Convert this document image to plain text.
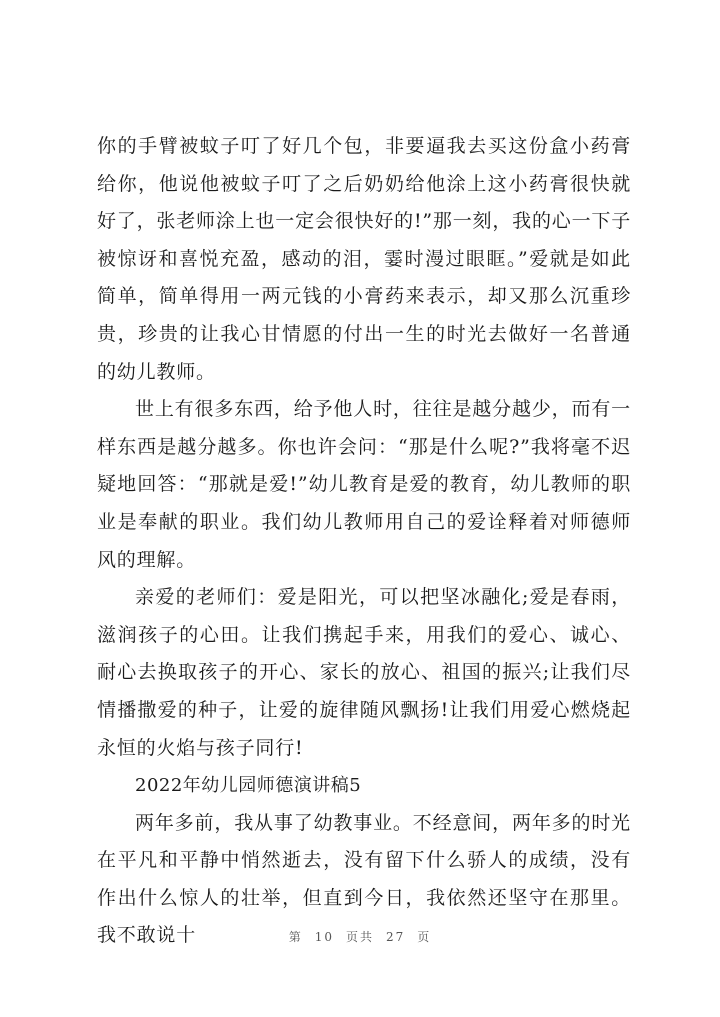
你的手臂被蚊子叮了好几个包，非要逼我去买这份盒小药膏给你，他说他被蚊子叮了之后奶奶给他涂上这小药膏很快就好了，张老师涂上也一定会很快好的!”那一刻，我的心一下子被惊讶和喜悦充盈，感动的泪，霎时漫过眼眶。”爱就是如此简单，简单得用一两元钱的小膏药来表示，却又那么沉重珍贵，珍贵的让我心甘情愿的付出一生的时光去做好一名普通的幼儿教师。

世上有很多东西，给予他人时，往往是越分越少，而有一样东西是越分越多。你也许会问：“那是什么呢?”我将毫不迟疑地回答：“那就是爱!”幼儿教育是爱的教育，幼儿教师的职业是奉献的职业。我们幼儿教师用自己的爱诠释着对师德师风的理解。

亲爱的老师们：爱是阳光，可以把坚冰融化;爱是春雨，滋润孩子的心田。让我们携起手来，用我们的爱心、诚心、耐心去换取孩子的开心、家长的放心、祖国的振兴;让我们尽情播撒爱的种子，让爱的旋律随风飘扬!让我们用爱心燃烧起永恒的火焰与孩子同行!

2022年幼儿园师德演讲稿5

两年多前，我从事了幼教事业。不经意间，两年多的时光在平凡和平静中悄然逝去，没有留下什么骄人的成绩，没有作出什么惊人的壮举，但直到今日，我依然还坚守在那里。我不敢说十	第 10 页共 27 页
